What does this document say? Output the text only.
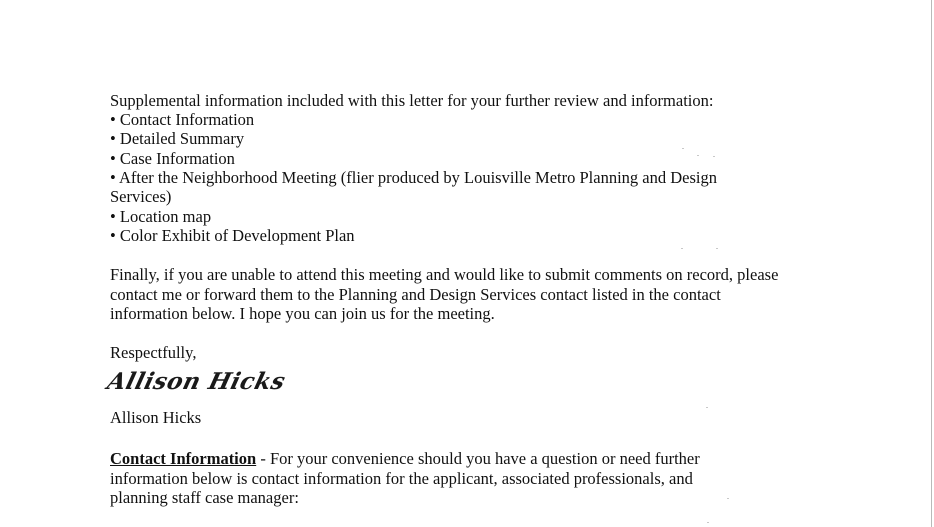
Supplemental information included with this letter for your further review and information:
• Contact Information
• Detailed Summary
• Case Information
• After the Neighborhood Meeting (flier produced by Louisville Metro Planning and Design
Services)
• Location map
• Color Exhibit of Development Plan
Finally, if you are unable to attend this meeting and would like to submit comments on record, please
contact me or forward them to the Planning and Design Services contact listed in the contact
information below. I hope you can join us for the meeting.
Respectfully,
Allison Hicks
Allison Hicks
Contact Information - For your convenience should you have a question or need further
information below is contact information for the applicant, associated professionals, and
planning staff case manager:
